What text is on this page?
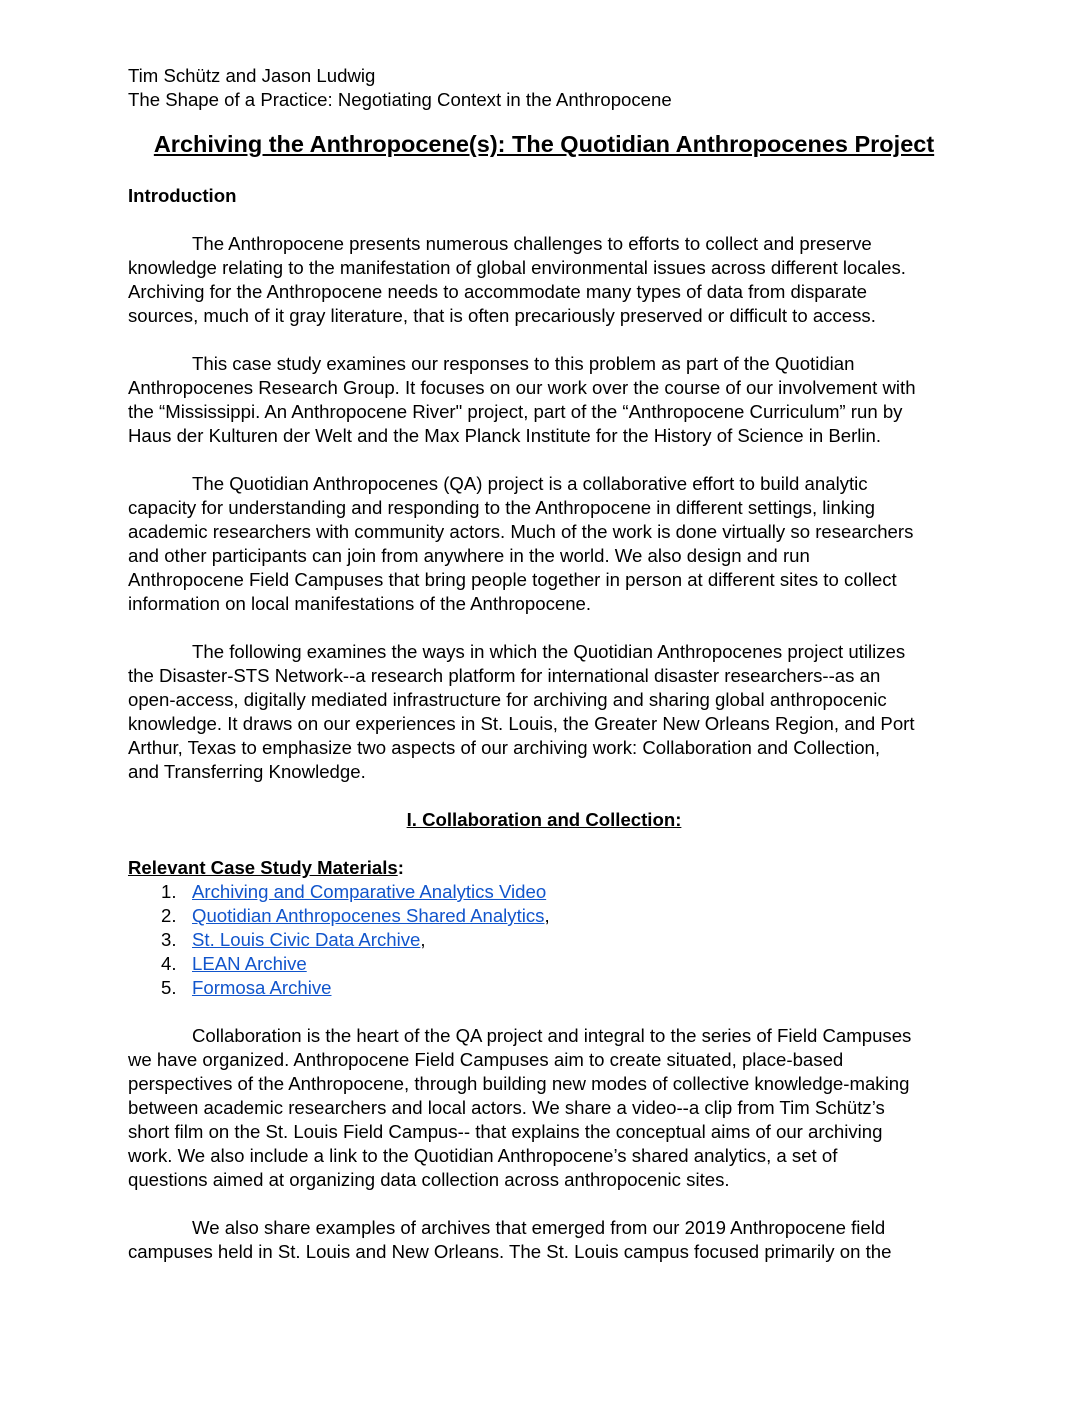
Tim Schütz and Jason Ludwig
The Shape of a Practice: Negotiating Context in the Anthropocene
Archiving the Anthropocene(s): The Quotidian Anthropocenes Project
Introduction
The Anthropocene presents numerous challenges to efforts to collect and preserve
knowledge relating to the manifestation of global environmental issues across different locales.
Archiving for the Anthropocene needs to accommodate many types of data from disparate
sources, much of it gray literature, that is often precariously preserved or difficult to access.
This case study examines our responses to this problem as part of the Quotidian
Anthropocenes Research Group. It focuses on our work over the course of our involvement with
the “Mississippi. An Anthropocene River" project, part of the “Anthropocene Curriculum” run by
Haus der Kulturen der Welt and the Max Planck Institute for the History of Science in Berlin.
The Quotidian Anthropocenes (QA) project is a collaborative effort to build analytic
capacity for understanding and responding to the Anthropocene in different settings, linking
academic researchers with community actors. Much of the work is done virtually so researchers
and other participants can join from anywhere in the world. We also design and run
Anthropocene Field Campuses that bring people together in person at different sites to collect
information on local manifestations of the Anthropocene.
The following examines the ways in which the Quotidian Anthropocenes project utilizes
the Disaster-STS Network--a research platform for international disaster researchers--as an
open-access, digitally mediated infrastructure for archiving and sharing global anthropocenic
knowledge. It draws on our experiences in St. Louis, the Greater New Orleans Region, and Port
Arthur, Texas to emphasize two aspects of our archiving work: Collaboration and Collection,
and Transferring Knowledge.
I. Collaboration and Collection:
Relevant Case Study Materials:
1. Archiving and Comparative Analytics Video
2. Quotidian Anthropocenes Shared Analytics,
3. St. Louis Civic Data Archive,
4. LEAN Archive
5. Formosa Archive
Collaboration is the heart of the QA project and integral to the series of Field Campuses
we have organized. Anthropocene Field Campuses aim to create situated, place-based
perspectives of the Anthropocene, through building new modes of collective knowledge-making
between academic researchers and local actors. We share a video--a clip from Tim Schütz’s
short film on the St. Louis Field Campus-- that explains the conceptual aims of our archiving
work. We also include a link to the Quotidian Anthropocene’s shared analytics, a set of
questions aimed at organizing data collection across anthropocenic sites.
We also share examples of archives that emerged from our 2019 Anthropocene field
campuses held in St. Louis and New Orleans. The St. Louis campus focused primarily on the
